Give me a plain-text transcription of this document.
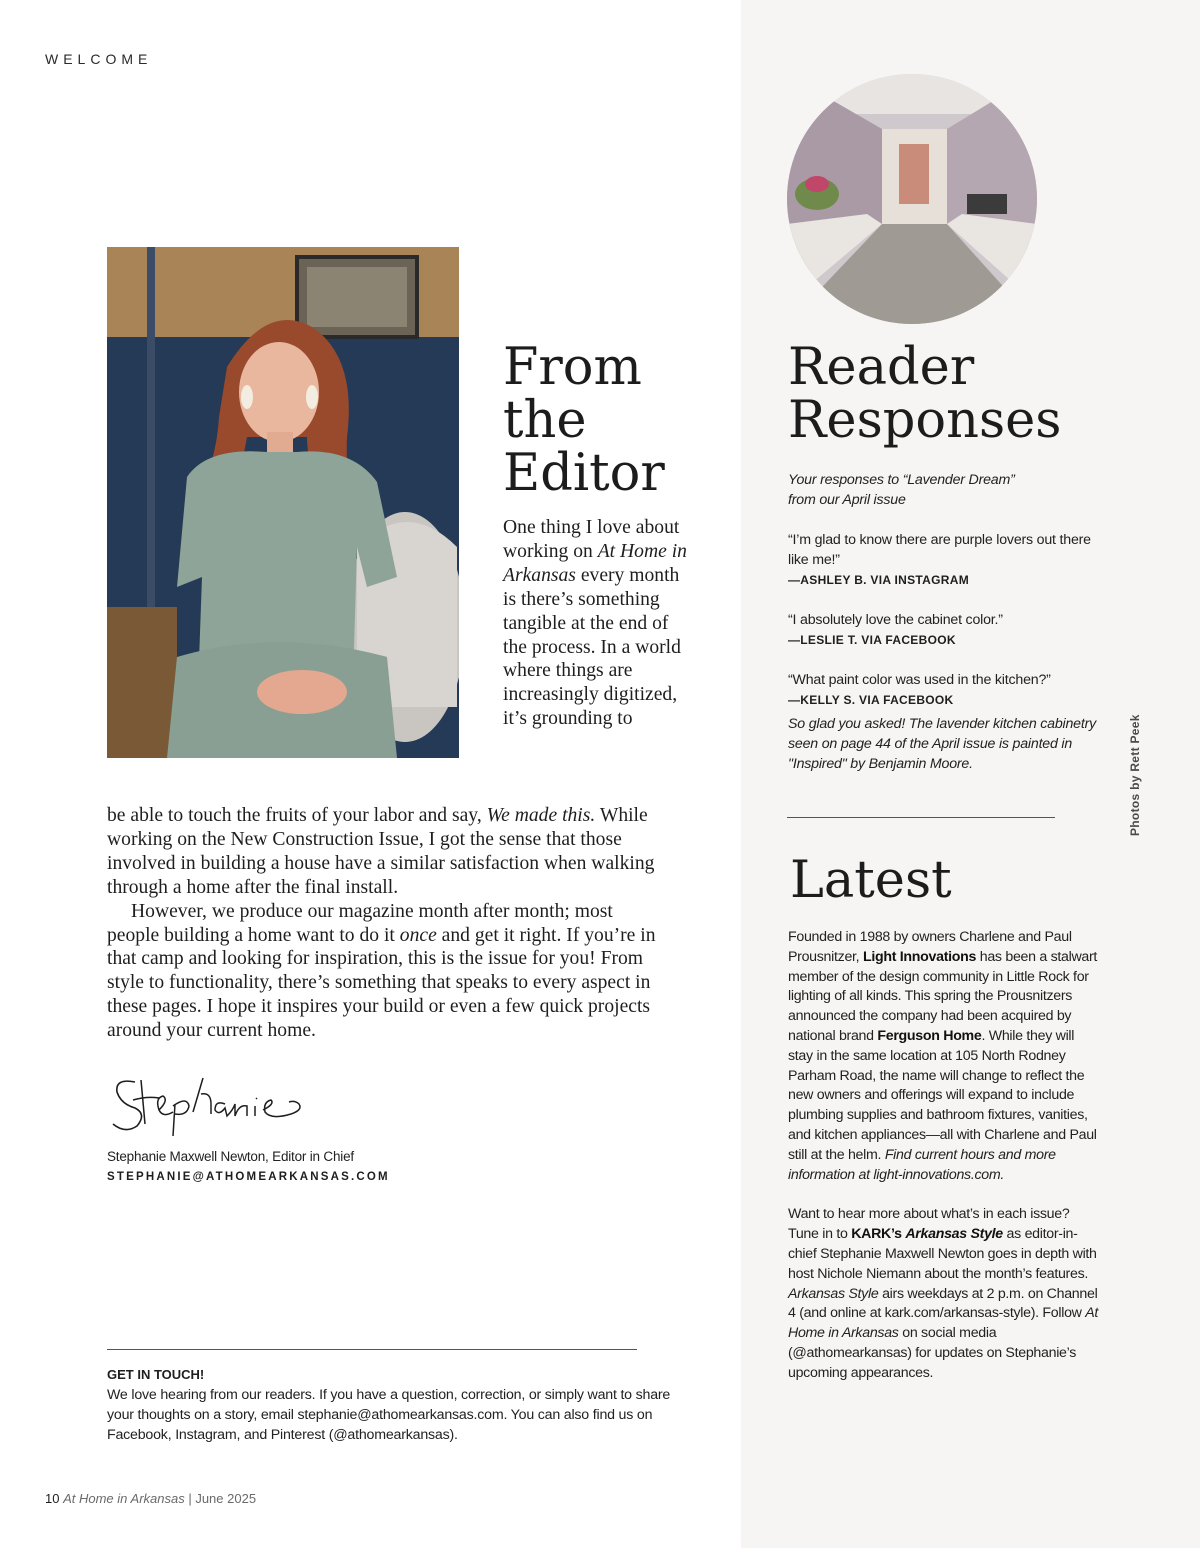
WELCOME
From
the
Editor
One thing I love about working on At Home in Arkansas every month is there’s something tangible at the end of the process. In a world where things are increasingly digitized, it’s grounding to

be able to touch the fruits of your labor and say, We made this. While working on the New Construction Issue, I got the sense that those involved in building a house have a similar satisfaction when walking through a home after the final install.

However, we produce our magazine month after month; most people building a home want to do it once and get it right. If you’re in that camp and looking for inspiration, this is the issue for you! From style to functionality, there’s something that speaks to every aspect in these pages. I hope it inspires your build or even a few quick projects around your current home.

Stephanie Maxwell Newton, Editor in Chief
STEPHANIE@ATHOMEARKANSAS.COM
GET IN TOUCH!
We love hearing from our readers. If you have a question, correction, or simply want to share your thoughts on a story, email stephanie@athomearkansas.com. You can also find us on Facebook, Instagram, and Pinterest (@athomearkansas).
10 At Home in Arkansas | June 2025
Reader
Responses
Your responses to “Lavender Dream”
from our April issue
“I’m glad to know there are purple lovers out there like me!”
—ASHLEY B. VIA INSTAGRAM
“I absolutely love the cabinet color.”
—LESLIE T. VIA FACEBOOK
“What paint color was used in the kitchen?”
—KELLY S. VIA FACEBOOK
So glad you asked! The lavender kitchen cabinetry seen on page 44 of the April issue is painted in "Inspired" by Benjamin Moore.	Photos by Rett Peek
Latest

Founded in 1988 by owners Charlene and Paul Prousnitzer, Light Innovations has been a stalwart member of the design community in Little Rock for lighting of all kinds. This spring the Prousnitzers announced the company had been acquired by national brand Ferguson Home. While they will stay in the same location at 105 North Rodney Parham Road, the name will change to reflect the new owners and offerings will expand to include plumbing supplies and bathroom fixtures, vanities, and kitchen appliances—all with Charlene and Paul still at the helm. Find current hours and more information at light-innovations.com.

Want to hear more about what’s in each issue? Tune in to KARK’s Arkansas Style as editor-in-chief Stephanie Maxwell Newton goes in depth with host Nichole Niemann about the month’s features. Arkansas Style airs weekdays at 2 p.m. on Channel 4 (and online at kark.com/arkansas-style). Follow At Home in Arkansas on social media (@athomearkansas) for updates on Stephanie’s upcoming appearances.
